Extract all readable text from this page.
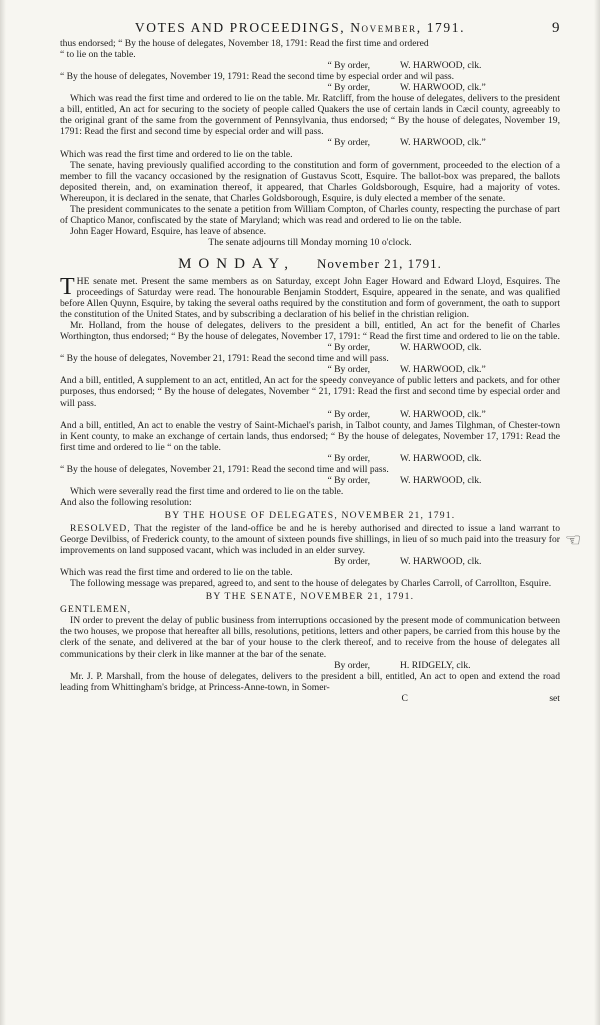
VOTES AND PROCEEDINGS, November, 1791.	9

thus endorsed; “ By the house of delegates, November 18, 1791: Read the first time and ordered

“ to lie on the table.

“ By order,	W. HARWOOD, clk.

“ By the house of delegates, November 19, 1791: Read the second time by especial order and wil pass.

“ By order,	W. HARWOOD, clk.”

Which was read the first time and ordered to lie on the table. Mr. Ratcliff, from the house of delegates, delivers to the president a bill, entitled, An act for securing to the society of people called Quakers the use of certain lands in Cæcil county, agreeably to the original grant of the same from the government of Pennsylvania, thus endorsed; “ By the house of delegates, November 19, 1791: Read the first and second time by especial order and will pass.

“ By order,	W. HARWOOD, clk.”

Which was read the first time and ordered to lie on the table.

The senate, having previously qualified according to the constitution and form of government, proceeded to the election of a member to fill the vacancy occasioned by the resignation of Gustavus Scott, Esquire. The ballot-box was prepared, the ballots deposited therein, and, on examination thereof, it appeared, that Charles Goldsborough, Esquire, had a majority of votes. Whereupon, it is declared in the senate, that Charles Goldsborough, Esquire, is duly elected a member of the senate.

The president communicates to the senate a petition from William Compton, of Charles county, respecting the purchase of part of Chaptico Manor, confiscated by the state of Maryland; which was read and ordered to lie on the table.

John Eager Howard, Esquire, has leave of absence.

The senate adjourns till Monday morning 10 o'clock.

MONDAY, November 21, 1791.
T HE senate met. Present the same members as on Saturday, except John Eager Howard and Edward Lloyd, Esquires. The proceedings of Saturday were read. The honourable Benjamin Stoddert, Esquire, appeared in the senate, and was qualified before Allen Quynn, Esquire, by taking the several oaths required by the constitution and form of government, the oath to support the constitution of the United States, and by subscribing a declaration of his belief in the christian religion.

Mr. Holland, from the house of delegates, delivers to the president a bill, entitled, An act for the benefit of Charles Worthington, thus endorsed; “ By the house of delegates, November 17, 1791: “ Read the first time and ordered to lie on the table.

“ By order,	W. HARWOOD, clk.

“ By the house of delegates, November 21, 1791: Read the second time and will pass.

“ By order,	W. HARWOOD, clk.”

And a bill, entitled, A supplement to an act, entitled, An act for the speedy conveyance of public letters and packets, and for other purposes, thus endorsed; “ By the house of delegates, November “ 21, 1791: Read the first and second time by especial order and will pass.

“ By order,	W. HARWOOD, clk.”

And a bill, entitled, An act to enable the vestry of Saint-Michael's parish, in Talbot county, and James Tilghman, of Chester-town in Kent county, to make an exchange of certain lands, thus endorsed; “ By the house of delegates, November 17, 1791: Read the first time and ordered to lie “ on the table.

“ By order,	W. HARWOOD, clk.

“ By the house of delegates, November 21, 1791: Read the second time and will pass.

“ By order,	W. HARWOOD, clk.

Which were severally read the first time and ordered to lie on the table.

And also the following resolution:

BY THE HOUSE OF DELEGATES, NOVEMBER 21, 1791.

RESOLVED, That the register of the land-office be and he is hereby authorised and directed to issue a land warrant to George Devilbiss, of Frederick county, to the amount of sixteen pounds five shillings, in lieu of so much paid into the treasury for improvements on land supposed vacant, which was included in an elder survey.

By order,	W. HARWOOD, clk.

Which was read the first time and ordered to lie on the table.

The following message was prepared, agreed to, and sent to the house of delegates by Charles Carroll, of Carrollton, Esquire.

BY THE SENATE, NOVEMBER 21, 1791.

GENTLEMEN,

IN order to prevent the delay of public business from interruptions occasioned by the present mode of communication between the two houses, we propose that hereafter all bills, resolutions, petitions, letters and other papers, be carried from this house by the clerk of the senate, and delivered at the bar of your house to the clerk thereof, and to receive from the house of delegates all communications by their clerk in like manner at the bar of the senate.

By order,	H. RIDGELY, clk.

Mr. J. P. Marshall, from the house of delegates, delivers to the president a bill, entitled, An act to open and extend the road leading from Whittingham's bridge, at Princess-Anne-town, in Somer-

C	set
☜
